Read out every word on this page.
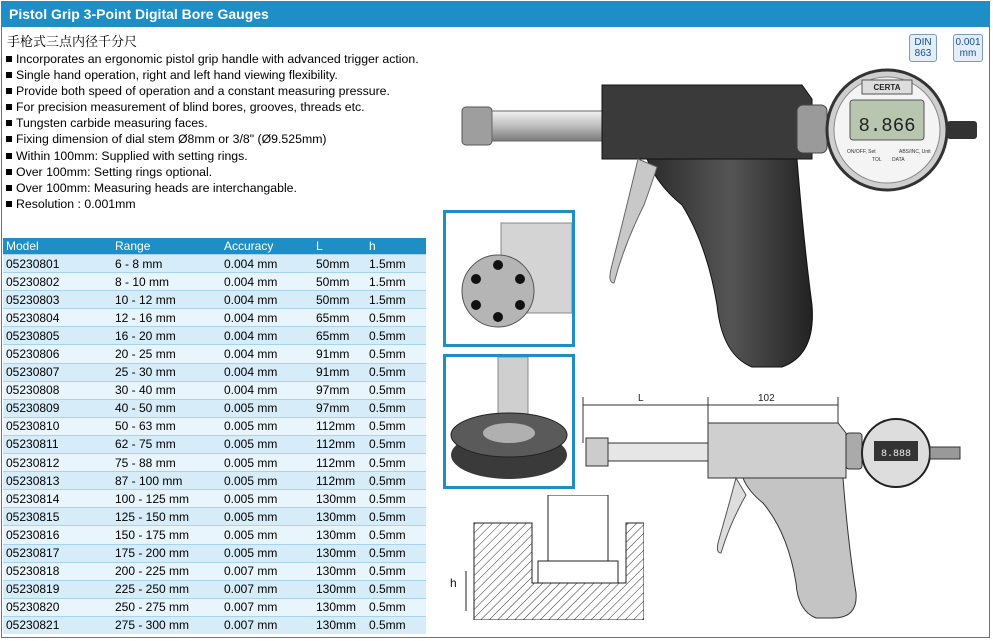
Pistol Grip 3-Point Digital Bore Gauges
手枪式三点内径千分尺
Incorporates an ergonomic pistol grip handle with advanced trigger action.
Single hand operation, right and left hand viewing flexibility.
Provide both speed of operation and a constant measuring pressure.
For precision measurement of blind bores, grooves, threads etc.
Tungsten carbide measuring faces.
Fixing dimension of dial stem Ø8mm or 3/8" (Ø9.525mm)
Within 100mm: Supplied with setting rings.
Over 100mm: Setting rings optional.
Over 100mm: Measuring heads are interchangable.
Resolution : 0.001mm
DIN
863
0.001
mm
Model	Range	Accuracy	L	h
05230801	6 - 8 mm	0.004 mm	50mm	1.5mm
05230802	8 - 10 mm	0.004 mm	50mm	1.5mm
05230803	10 - 12 mm	0.004 mm	50mm	1.5mm
05230804	12 - 16 mm	0.004 mm	65mm	0.5mm
05230805	16 - 20 mm	0.004 mm	65mm	0.5mm
05230806	20 - 25 mm	0.004 mm	91mm	0.5mm
05230807	25 - 30 mm	0.004 mm	91mm	0.5mm
05230808	30 - 40 mm	0.004 mm	97mm	0.5mm
05230809	40 - 50 mm	0.005 mm	97mm	0.5mm
05230810	50 - 63 mm	0.005 mm	112mm	0.5mm
05230811	62 - 75 mm	0.005 mm	112mm	0.5mm
05230812	75 - 88 mm	0.005 mm	112mm	0.5mm
05230813	87 - 100 mm	0.005 mm	112mm	0.5mm
05230814	100 - 125 mm	0.005 mm	130mm	0.5mm
05230815	125 - 150 mm	0.005 mm	130mm	0.5mm
05230816	150 - 175 mm	0.005 mm	130mm	0.5mm
05230817	175 - 200 mm	0.005 mm	130mm	0.5mm
05230818	200 - 225 mm	0.007 mm	130mm	0.5mm
05230819	225 - 250 mm	0.007 mm	130mm	0.5mm
05230820	250 - 275 mm	0.007 mm	130mm	0.5mm
05230821	275 - 300 mm	0.007 mm	130mm	0.5mm
CERTA
8.866
ON/OFF, Set	ABS/INC, Unit
TOL DATA
L	102
8.888
h
